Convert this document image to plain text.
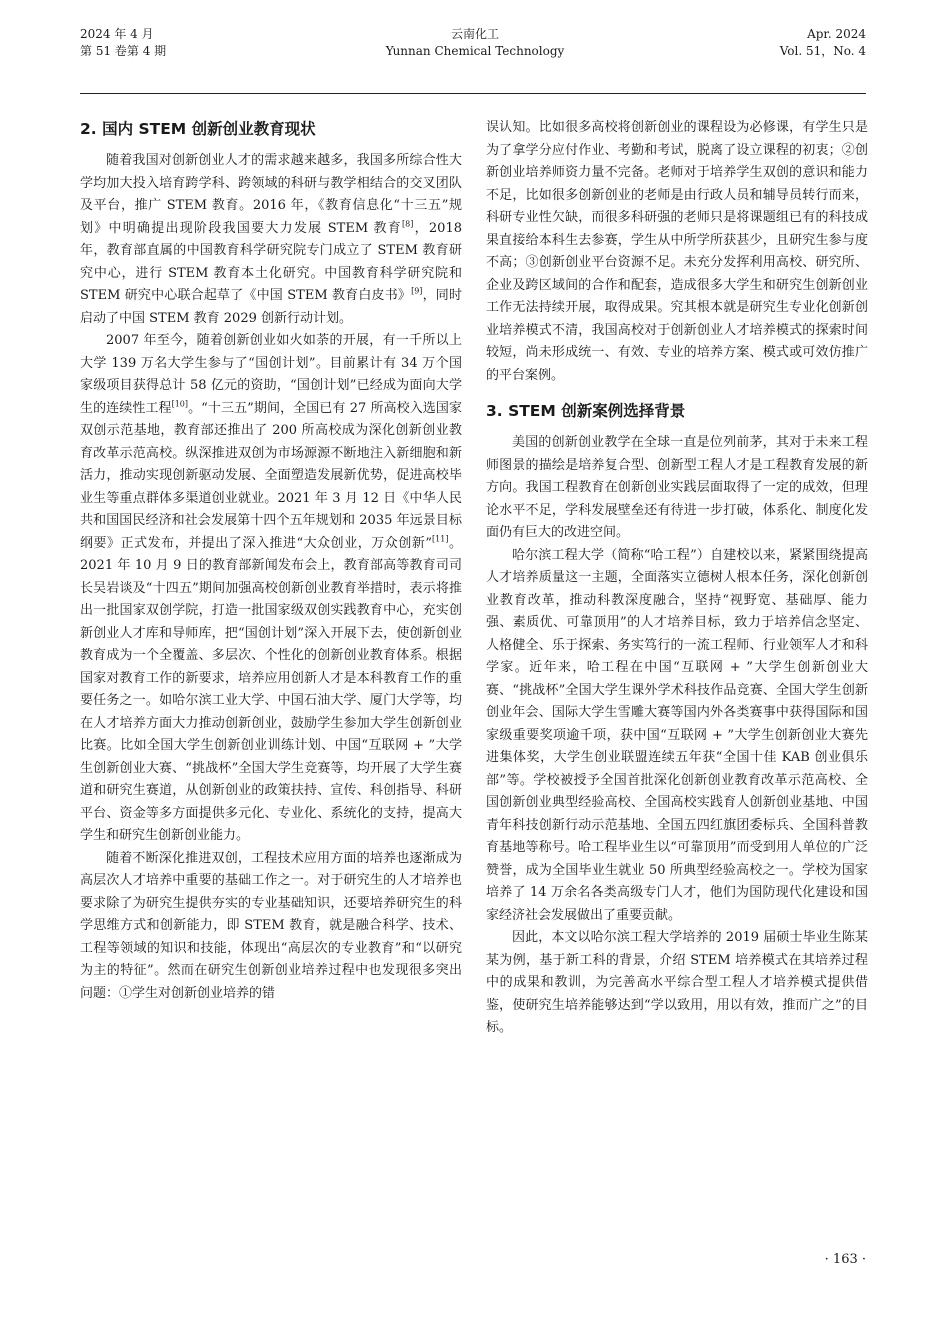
2024 年 4 月
第 51 卷第 4 期
云南化工
Yunnan Chemical Technology
Apr. 2024
Vol. 51，No. 4
2. 国内 STEM 创新创业教育现状

随着我国对创新创业人才的需求越来越多，我国多所综合性大学均加大投入培育跨学科、跨领域的科研与教学相结合的交叉团队及平台，推广 STEM 教育。2016 年，《教育信息化“十三五”规划》中明确提出现阶段我国要大力发展 STEM 教育[8]，2018 年，教育部直属的中国教育科学研究院专门成立了 STEM 教育研究中心，进行 STEM 教育本土化研究。中国教育科学研究院和 STEM 研究中心联合起草了《中国 STEM 教育白皮书》[9]，同时启动了中国 STEM 教育 2029 创新行动计划。

2007 年至今，随着创新创业如火如荼的开展，有一千所以上大学 139 万名大学生参与了“国创计划”。目前累计有 34 万个国家级项目获得总计 58 亿元的资助，“国创计划”已经成为面向大学生的连续性工程[10]。“十三五”期间，全国已有 27 所高校入选国家双创示范基地，教育部还推出了 200 所高校成为深化创新创业教育改革示范高校。纵深推进双创为市场源源不断地注入新细胞和新活力，推动实现创新驱动发展、全面塑造发展新优势，促进高校毕业生等重点群体多渠道创业就业。2021 年 3 月 12 日《中华人民共和国国民经济和社会发展第十四个五年规划和 2035 年远景目标纲要》正式发布，并提出了深入推进“大众创业，万众创新”[11]。2021 年 10 月 9 日的教育部新闻发布会上，教育部高等教育司司长吴岩谈及“十四五”期间加强高校创新创业教育举措时，表示将推出一批国家双创学院，打造一批国家级双创实践教育中心，充实创新创业人才库和导师库，把“国创计划”深入开展下去，使创新创业教育成为一个全覆盖、多层次、个性化的创新创业教育体系。根据国家对教育工作的新要求，培养应用创新人才是本科教育工作的重要任务之一。如哈尔滨工业大学、中国石油大学、厦门大学等，均在人才培养方面大力推动创新创业，鼓励学生参加大学生创新创业比赛。比如全国大学生创新创业训练计划、中国“互联网 + ”大学生创新创业大赛、“挑战杯”全国大学生竞赛等，均开展了大学生赛道和研究生赛道，从创新创业的政策扶持、宣传、科创指导、科研平台、资金等多方面提供多元化、专业化、系统化的支持，提高大学生和研究生创新创业能力。

随着不断深化推进双创，工程技术应用方面的培养也逐渐成为高层次人才培养中重要的基础工作之一。对于研究生的人才培养也要求除了为研究生提供夯实的专业基础知识，还要培养研究生的科学思维方式和创新能力，即 STEM 教育，就是融合科学、技术、工程等领域的知识和技能，体现出“高层次的专业教育”和“以研究为主的特征”。然而在研究生创新创业培养过程中也发现很多突出问题：①学生对创新创业培养的错

误认知。比如很多高校将创新创业的课程设为必修课，有学生只是为了拿学分应付作业、考勤和考试，脱离了设立课程的初衷；②创新创业培养师资力量不完备。老师对于培养学生双创的意识和能力不足，比如很多创新创业的老师是由行政人员和辅导员转行而来，科研专业性欠缺，而很多科研强的老师只是将课题组已有的科技成果直接给本科生去参赛，学生从中所学所获甚少，且研究生参与度不高；③创新创业平台资源不足。未充分发挥利用高校、研究所、企业及跨区域间的合作和配套，造成很多大学生和研究生创新创业工作无法持续开展，取得成果。究其根本就是研究生专业化创新创业培养模式不清，我国高校对于创新创业人才培养模式的探索时间较短，尚未形成统一、有效、专业的培养方案、模式或可效仿推广的平台案例。

3. STEM 创新案例选择背景

美国的创新创业教学在全球一直是位列前茅，其对于未来工程师图景的描绘是培养复合型、创新型工程人才是工程教育发展的新方向。我国工程教育在创新创业实践层面取得了一定的成效，但理论水平不足，学科发展壁垒还有待进一步打破，体系化、制度化发面仍有巨大的改进空间。

哈尔滨工程大学（简称“哈工程”）自建校以来，紧紧围绕提高人才培养质量这一主题，全面落实立德树人根本任务，深化创新创业教育改革，推动科教深度融合，坚持“视野宽、基础厚、能力强、素质优、可靠顶用”的人才培养目标，致力于培养信念坚定、人格健全、乐于探索、务实笃行的一流工程师、行业领军人才和科学家。近年来，哈工程在中国“互联网 + ”大学生创新创业大赛、“挑战杯”全国大学生课外学术科技作品竞赛、全国大学生创新创业年会、国际大学生雪雕大赛等国内外各类赛事中获得国际和国家级重要奖项逾千项，获中国“互联网 + ”大学生创新创业大赛先进集体奖，大学生创业联盟连续五年获“全国十佳 KAB 创业俱乐部”等。学校被授予全国首批深化创新创业教育改革示范高校、全国创新创业典型经验高校、全国高校实践育人创新创业基地、中国青年科技创新行动示范基地、全国五四红旗团委标兵、全国科普教育基地等称号。哈工程毕业生以“可靠顶用”而受到用人单位的广泛赞誉，成为全国毕业生就业 50 所典型经验高校之一。学校为国家培养了 14 万余名各类高级专门人才，他们为国防现代化建设和国家经济社会发展做出了重要贡献。

因此，本文以哈尔滨工程大学培养的 2019 届硕士毕业生陈某某为例，基于新工科的背景，介绍 STEM 培养模式在其培养过程中的成果和教训，为完善高水平综合型工程人才培养模式提供借鉴，使研究生培养能够达到“学以致用，用以有效，推而广之”的目标。

· 163 ·
